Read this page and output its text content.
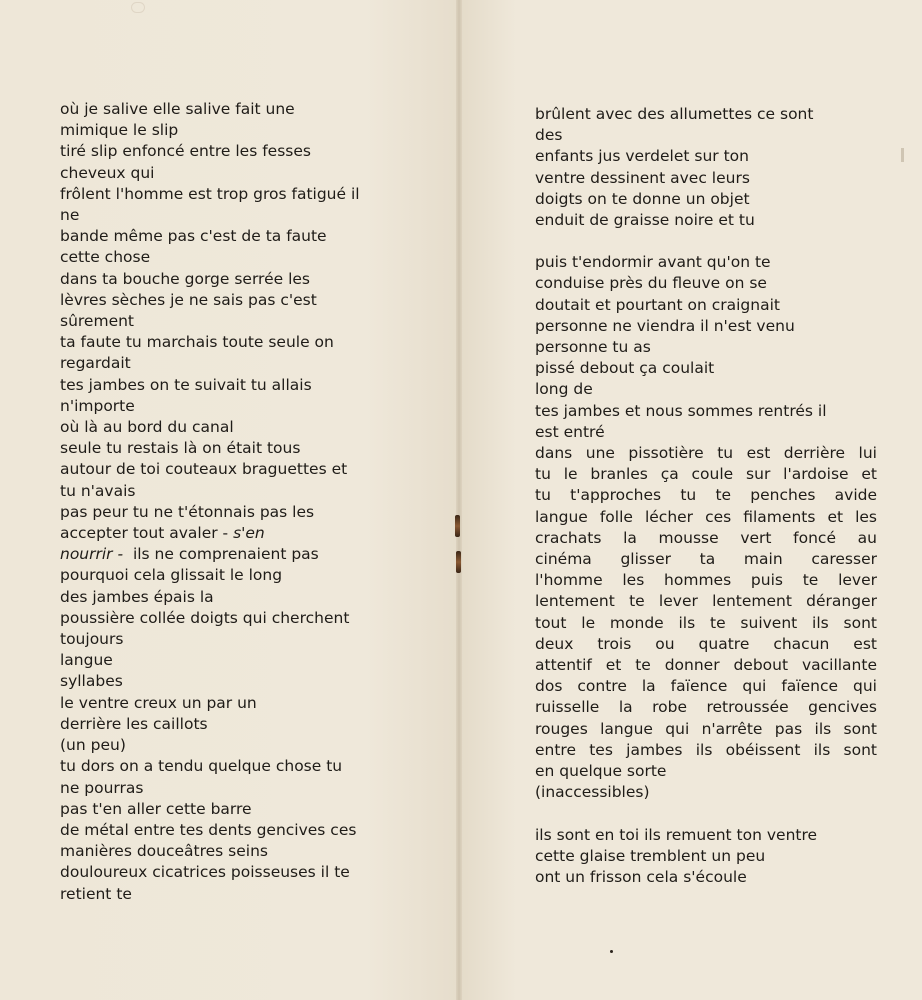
où je salive elle salive fait une
mimique le slip
tiré slip enfoncé entre les fesses
cheveux qui
frôlent l'homme est trop gros fatigué il
ne
bande même pas c'est de ta faute
cette chose
dans ta bouche gorge serrée les
lèvres sèches je ne sais pas c'est
sûrement
ta faute tu marchais toute seule on
regardait
tes jambes on te suivait tu allais
n'importe
où là au bord du canal
seule tu restais là on était tous
autour de toi couteaux braguettes et
tu n'avais
pas peur tu ne t'étonnais pas les
accepter tout avaler - s'en
nourrir - ils ne comprenaient pas
pourquoi cela glissait le long
des jambes épais la
poussière collée doigts qui cherchent
toujours
langue
syllabes
le ventre creux un par un
derrière les caillots
(un peu)
tu dors on a tendu quelque chose tu
ne pourras
pas t'en aller cette barre
de métal entre tes dents gencives ces
manières douceâtres seins
douloureux cicatrices poisseuses il te
retient te
brûlent avec des allumettes ce sont
des
enfants jus verdelet sur ton
ventre dessinent avec leurs
doigts on te donne un objet
enduit de graisse noire et tu
puis t'endormir avant qu'on te
conduise près du fleuve on se
doutait et pourtant on craignait
personne ne viendra il n'est venu
personne tu as
pissé debout ça coulait
long de
tes jambes et nous sommes rentrés il
est entré
dans une pissotière tu est derrière lui
tu le branles ça coule sur l'ardoise et
tu t'approches tu te penches avide
langue folle lécher ces filaments et les
crachats la mousse vert foncé au
cinéma glisser ta main caresser
l'homme les hommes puis te lever
lentement te lever lentement déranger
tout le monde ils te suivent ils sont
deux trois ou quatre chacun est
attentif et te donner debout vacillante
dos contre la faïence qui faïence qui
ruisselle la robe retroussée gencives
rouges langue qui n'arrête pas ils sont
entre tes jambes ils obéissent ils sont
en quelque sorte
(inaccessibles)
ils sont en toi ils remuent ton ventre
cette glaise tremblent un peu
ont un frisson cela s'écoule
